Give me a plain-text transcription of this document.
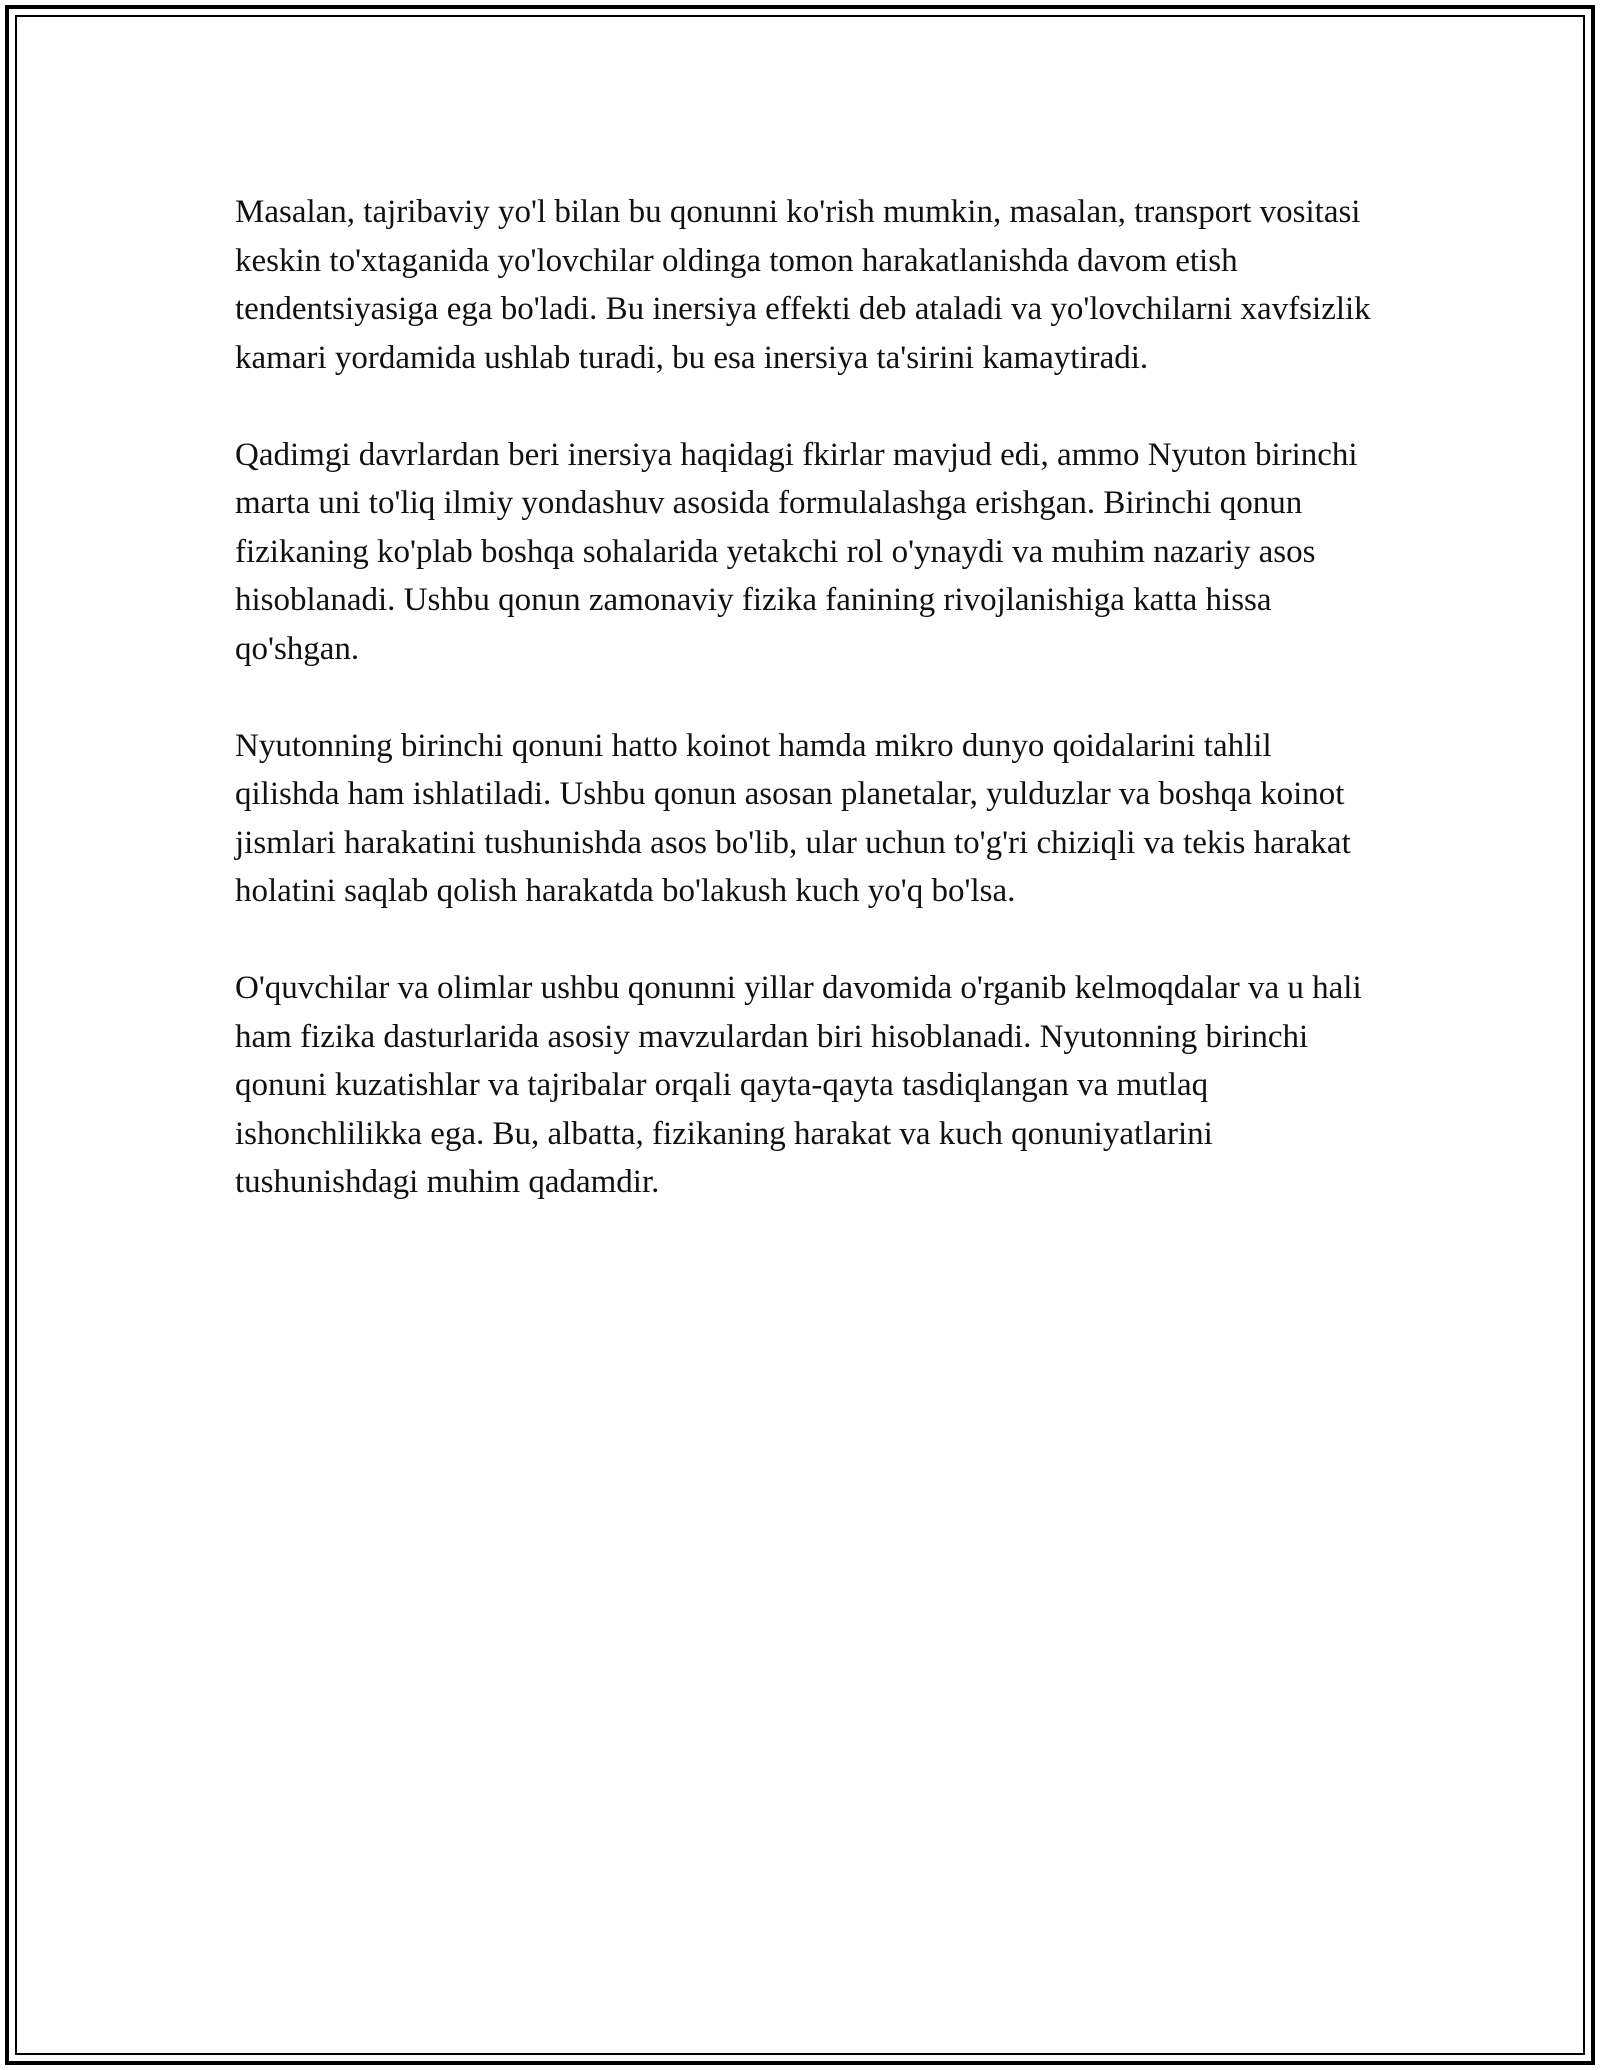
Masalan, tajribaviy yo'l bilan bu qonunni ko'rish mumkin, masalan, transport vositasi keskin to'xtaganida yo'lovchilar oldinga tomon harakatlanishda davom etish tendentsiyasiga ega bo'ladi. Bu inersiya effekti deb ataladi va yo'lovchilarni xavfsizlik kamari yordamida ushlab turadi, bu esa inersiya ta'sirini kamaytiradi.

Qadimgi davrlardan beri inersiya haqidagi fkirlar mavjud edi, ammo Nyuton birinchi marta uni to'liq ilmiy yondashuv asosida formulalashga erishgan. Birinchi qonun fizikaning ko'plab boshqa sohalarida yetakchi rol o'ynaydi va muhim nazariy asos hisoblanadi. Ushbu qonun zamonaviy fizika fanining rivojlanishiga katta hissa qo'shgan.

Nyutonning birinchi qonuni hatto koinot hamda mikro dunyo qoidalarini tahlil qilishda ham ishlatiladi. Ushbu qonun asosan planetalar, yulduzlar va boshqa koinot jismlari harakatini tushunishda asos bo'lib, ular uchun to'g'ri chiziqli va tekis harakat holatini saqlab qolish harakatda bo'lakush kuch yo'q bo'lsa.

O'quvchilar va olimlar ushbu qonunni yillar davomida o'rganib kelmoqdalar va u hali ham fizika dasturlarida asosiy mavzulardan biri hisoblanadi. Nyutonning birinchi qonuni kuzatishlar va tajribalar orqali qayta-qayta tasdiqlangan va mutlaq ishonchlilikka ega. Bu, albatta, fizikaning harakat va kuch qonuniyatlarini tushunishdagi muhim qadamdir.
